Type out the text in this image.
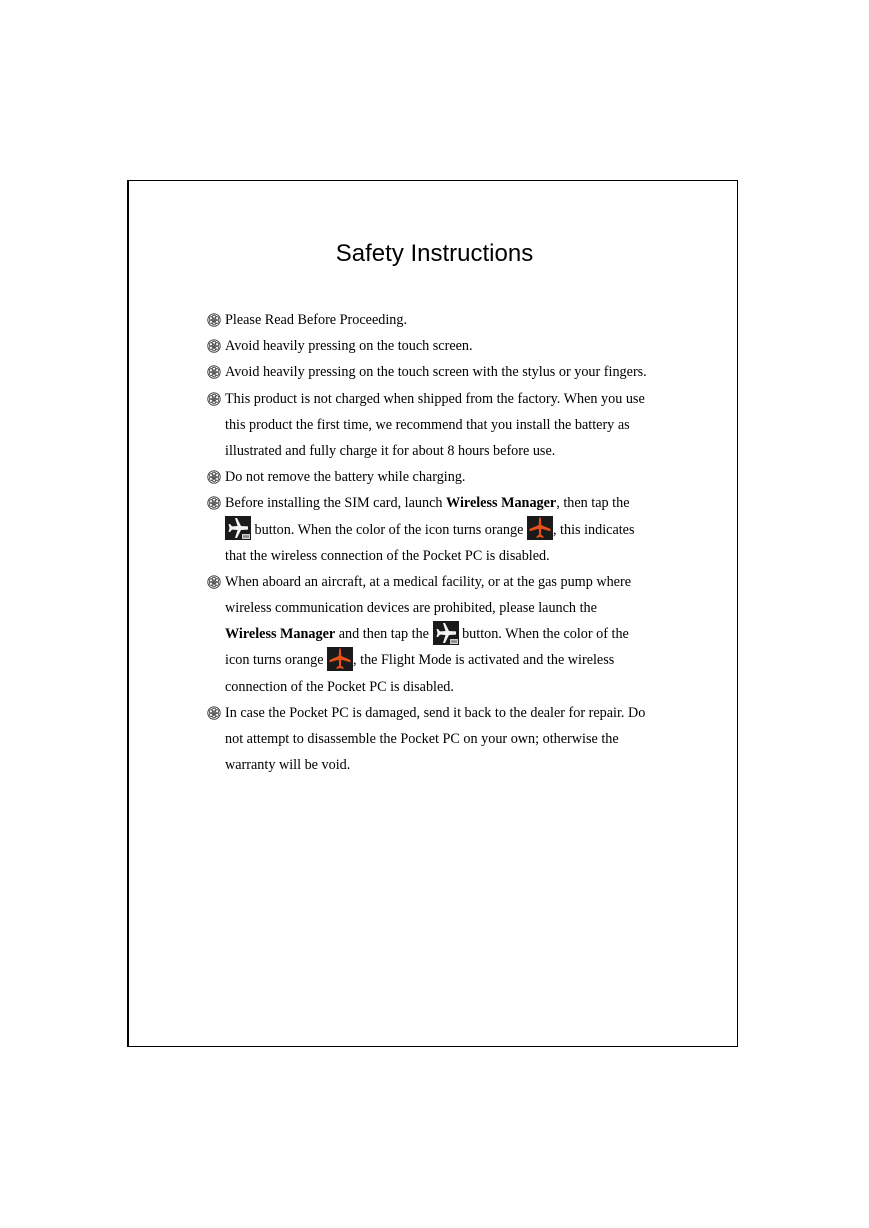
Safety Instructions
Please Read Before Proceeding.
Avoid heavily pressing on the touch screen.
Avoid heavily pressing on the touch screen with the stylus or your fingers.
This product is not charged when shipped from the factory. When you use
this product the first time, we recommend that you install the battery as
illustrated and fully charge it for about 8 hours before use.
Do not remove the battery while charging.
Before installing the SIM card, launch Wireless Manager, then tap the
button. When the color of the icon turns orange , this indicates
that the wireless connection of the Pocket PC is disabled.
When aboard an aircraft, at a medical facility, or at the gas pump where
wireless communication devices are prohibited, please launch the
Wireless Manager and then tap the  button. When the color of the
icon turns orange , the Flight Mode is activated and the wireless
connection of the Pocket PC is disabled.
In case the Pocket PC is damaged, send it back to the dealer for repair. Do
not attempt to disassemble the Pocket PC on your own; otherwise the
warranty will be void.
